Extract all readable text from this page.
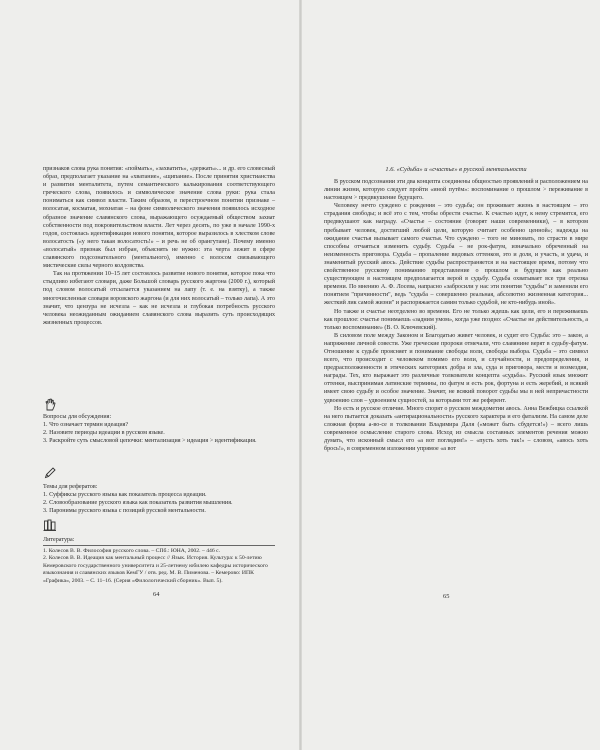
признаков слова рука понятия: «поймать», «захватить», «держать»... и др. его словесный образ, предполагает указание на «хватание», «щипание». После принятия христианства и развития менталитета, путем семантического калькирования соответствующего греческого слова, появилось и символическое значение слова руки: рука стала пониматься как символ власти. Таким образом, в перестроечном понятии признаке – волосатая, косматая, мохнатая – на фоне символического значения появилось исходное образное значение славянского слова, выражающего осуждаемый обществом захват собственности под покровительством власти. Лет через десять, по уже в начале 1990-х годов, состоялась идентификация нового понятия, которое выразилось в хлестком слове волосатость («у него такая волосатость!» – и речь не об орангутане). Почему именно «волосатый» признак был избран, объяснять не нужно: эта черта лежит в сфере славянского подсознательного (ментального), именно с волосом связывающего мистические силы черного колдовства.

Так на протяжении 10–15 лет состоялось развитие нового понятия, которое пока что стыдливо избегают словари, даже Большой словарь русского жаргона (2000 г.), который под словом волосатый отсылается указанием на лапу (т. е. на взятку), а также многочисленные словари воровского жаргона (и для них волосатый – только лапа). А это значит, что цензура не исчезла – как не исчезла и глубокая потребность русского человека неожиданным ожиданием славянского слова выразить суть происходящих жизненных процессов.

Вопросы для обсуждения:
1. Что означает термин идеация?
2. Назовите периоды идеации в русском языке.
3. Раскройте суть смысловой цепочки: ментализация > идеация > идентификация.
Темы для рефератов:
1. Суффиксы русского языка как показатель процесса идеации.
2. Словообразование русского языка как показатель развития мышления.
3. Паронимы русского языка с позиций русской ментальности.
Литература:
1. Колесов В. В. Философия русского слова. – СПб.: ЮНА, 2002. – 446 с.
2. Колесов В. В. Идеация как ментальный процесс // Язык. История. Культура: к 50-летию Кемеровского государственного университета и 25-летнему юбилею кафедры исторического языкознания и славянских языков КемГУ / отв. ред. М. В. Пименова. – Кемерово: ИПК «Графика», 2003. – С. 11–16. (Серия «Филологический сборник». Вып. 5).
64
1.6. «Судьба» и «счастье» в русской ментальности

В русском подсознании эти два концепта соединены общностью проявлений и расположением на линии жизни, которую следует пройти «иной путём»: воспоминание о прошлом > переживание в настоящем > предвкушение будущего.

Человеку нечто суждено с рождения – это судьба; он проживает жизнь в настоящем – это страдания свободы; и всё это с тем, чтобы обрести счастье. К счастью идут, к нему стремятся, его предвкушают как награду. «Счастье – состояние (говорят наши современники), – в котором пребывает человек, достигший любой цели, которую считает особенно ценной»; надежда на ожидание счастья вызывает самого счастья. Что суждено – того не миновать, по страсти в мире способны отчаяться изменить судьбу. Судьба – не рок-фатум, изначально обреченный на неизменность приговора. Судьба – пропаление видовых оттенков, это и доля, и участь, и удача, и знаменитый русский авось. Действие судьбы распространяется и на настоящее время, потому что свойственное русскому пониманию представление о прошлом и будущем как реально существующем в настоящем предполагается верой в судьбу. Судьба охватывает все три отрезка времени. По мнению А. Ф. Лосева, напрасно «забросили у нас эти понятия "судьбы" и заменили его понятием "причинности", ведь "судьба – совершенно реальная, абсолютно жизненная категория... жесткий лик самой жизни" и распоряжается самим только судьбой, не кто-нибудь иной».

Но также и счастье неотделено во времени. Его не только ждешь как цели, его и переживаешь как прошлое: счастье понимаешь «задним умом», когда уже поздно: «Счастье не действительность, а только воспоминание» (В. О. Ключевский).

В силовом поле между Законом и Благодатью живет человек, и судит его Судьба: это – закон, а напряжение личной совести. Уже греческие пророки отмечали, что славянине верят в судьбу-фатум. Отношение к судьбе проясняет и понимание свободы воли, свободы выбора. Судьба – это символ всего, что происходит с человеком помимо его воли, и случайности, и предопределения, и предрасположенности в этических категориях добра и зла, суда и приговора, мести и возмездия, награды. Тех, кто выражает это различные толкователи концепта «судьба». Русский язык множит оттенки, выспринимая латинские термины, по фатум и есть рок, фортуна и есть жеребий, и всякий имеет свою судьбу и особое значение. Значит, не всякий поворот судьбы мы в ней непричастности удвоению слов – удвоением сущностей, за которыми тот же референт.

Но есть и русское отличие. Много спорят о русском междометии авось. Анна Вежбицка ссылкой на него пытается доказать «антирациональности» русского характера и его фатализм. На самом деле сложная форма а-во-се в толковании Владимира Даля («может быть сбудется!») – всего лишь современное осмысление старого слова. Исход из смысла составных элементов речения можно думать, что исконный смысл его «а вот поглядим!» – «пусть хоть так!» – словом, «авось хоть брось!», в современном изложении упрямое «а вот

65
